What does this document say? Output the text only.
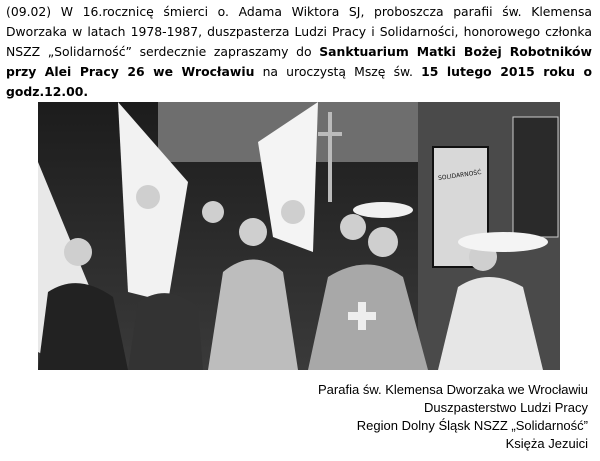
(09.02) W 16.rocznicę śmierci o. Adama Wiktora SJ, proboszcza parafii św. Klemensa Dworzaka w latach 1978-1987, duszpasterza Ludzi Pracy i Solidarności, honorowego członka NSZZ „Solidarność” serdecznie zapraszamy do Sanktuarium Matki Bożej Robotników przy Alei Pracy 26 we Wrocławiu na uroczystą Mszę św. 15 lutego 2015 roku o godz.12.00.
SOLIDARNOŚĆ
Parafia św. Klemensa Dworzaka we Wrocławiu
Duszpasterstwo Ludzi Pracy
Region Dolny Śląsk NSZZ „Solidarność”
Księża Jezuici
